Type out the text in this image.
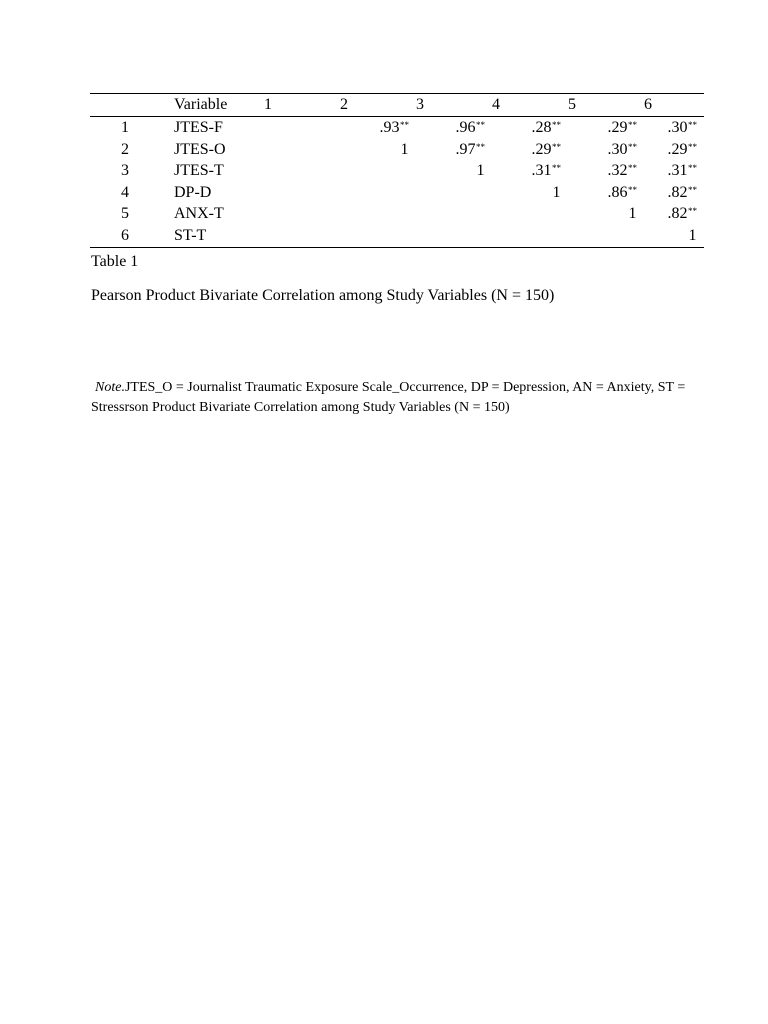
	Variable	1	2	3	4	5	6
1	JTES-F		.93**	.96**	.28**	.29**	.30**
2	JTES-O		1	.97**	.29**	.30**	.29**
3	JTES-T			1	.31**	.32**	.31**
4	DP-D				1	.86**	.82**
5	ANX-T					1	.82**
6	ST-T						1
Table 1
Pearson Product Bivariate Correlation among Study Variables (N = 150)
Note.JTES_O = Journalist Traumatic Exposure Scale_Occurrence, DP = Depression, AN = Anxiety, ST = Stressrson Product Bivariate Correlation among Study Variables (N = 150)
